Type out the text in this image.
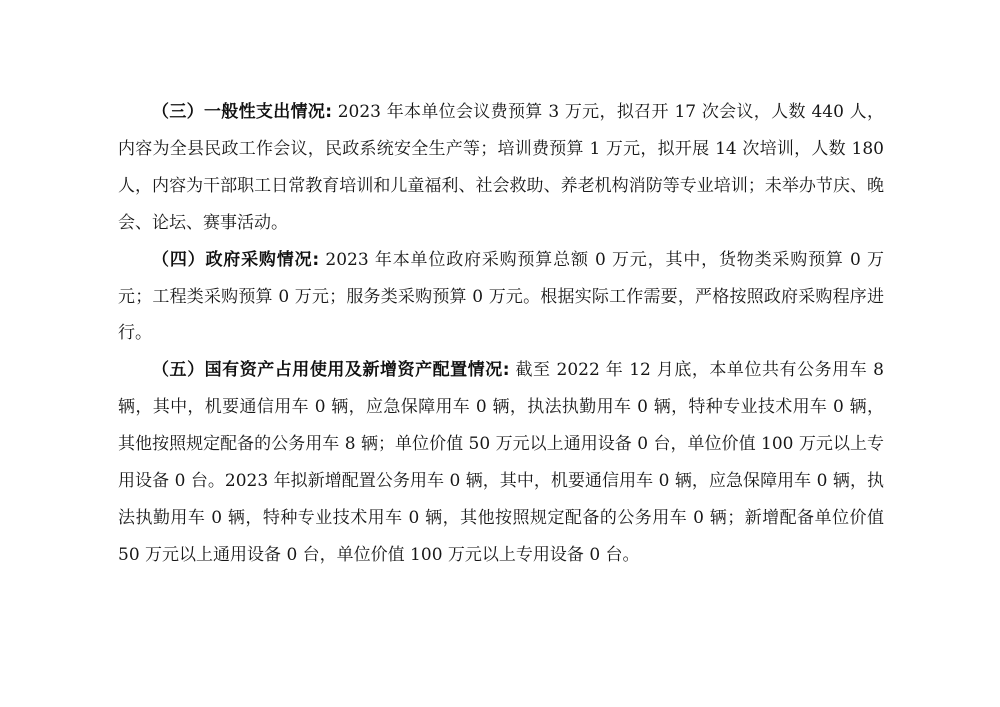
（三）一般性支出情况: 2023 年本单位会议费预算 3 万元，拟召开 17 次会议，人数 440 人，内容为全县民政工作会议，民政系统安全生产等；培训费预算 1 万元，拟开展 14 次培训，人数 180 人，内容为干部职工日常教育培训和儿童福利、社会救助、养老机构消防等专业培训；未举办节庆、晚会、论坛、赛事活动。

（四）政府采购情况: 2023 年本单位政府采购预算总额 0 万元，其中，货物类采购预算 0 万元；工程类采购预算 0 万元；服务类采购预算 0 万元。根据实际工作需要，严格按照政府采购程序进行。

（五）国有资产占用使用及新增资产配置情况: 截至 2022 年 12 月底，本单位共有公务用车 8 辆，其中，机要通信用车 0 辆，应急保障用车 0 辆，执法执勤用车 0 辆，特种专业技术用车 0 辆，其他按照规定配备的公务用车 8 辆；单位价值 50 万元以上通用设备 0 台，单位价值 100 万元以上专用设备 0 台。2023 年拟新增配置公务用车 0 辆，其中，机要通信用车 0 辆，应急保障用车 0 辆，执法执勤用车 0 辆，特种专业技术用车 0 辆，其他按照规定配备的公务用车 0 辆；新增配备单位价值 50 万元以上通用设备 0 台，单位价值 100 万元以上专用设备 0 台。
